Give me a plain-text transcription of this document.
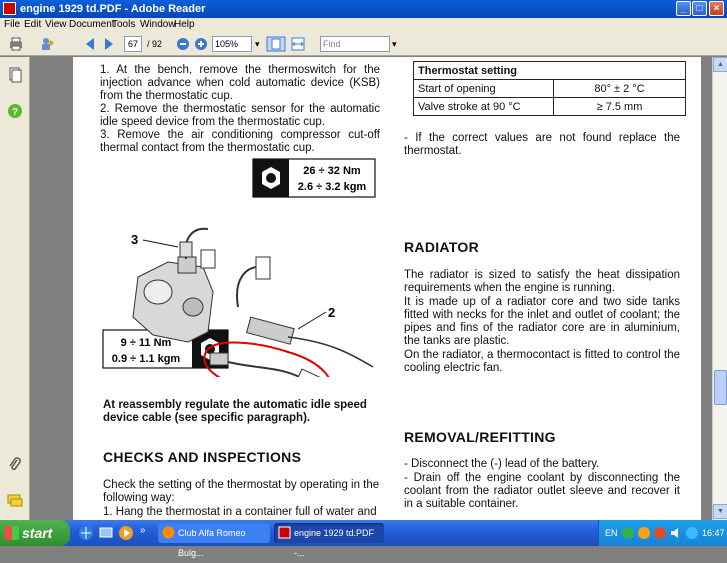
engine 1929 td.PDF - Adobe Reader	_	□	×
File Edit View Document
Tools Window
Help
67	/ 92	105%	▾	Find	▾
?
1. At the bench, remove the thermoswitch for the injection advance when cold automatic device (KSB) from the thermostatic cup.
2. Remove the thermostatic sensor for the automatic idle speed device from the thermostatic cup.
3. Remove the air conditioning compressor cut-off thermal contact from the thermostatic cup.
26 ÷ 32 Nm
2.6 ÷ 3.2 kgm
9 ÷ 11 Nm
0.9 ÷ 1.1 kgm
3
2
At reassembly regulate the automatic idle speed device cable (see specific paragraph).
CHECKS AND INSPECTIONS
Check the setting of the thermostat by operating in the following way:
1. Hang the thermostat in a container full of water and
Thermostat setting	
Start of opening	80° ± 2 °C
Valve stroke at 90 °C	≥ 7.5 mm
- If the correct values are not found replace the thermostat.
RADIATOR
The radiator is sized to satisfy the heat dissipation requirements when the engine is running.
It is made up of a radiator core and two side tanks fitted with necks for the inlet and outlet of coolant; the pipes and fins of the radiator core are in aluminium, the tanks are plastic.
On the radiator, a thermocontact is fitted to control the cooling electric fan.
REMOVAL/REFITTING
- Disconnect the (-) lead of the battery.
- Drain off the engine coolant by disconnecting the coolant from the radiator outlet sleeve and recover it in a suitable container.
▲
▼
start	»	Club Alfa Romeo Bulg...
engine 1929 td.PDF -...
EN	16:47
